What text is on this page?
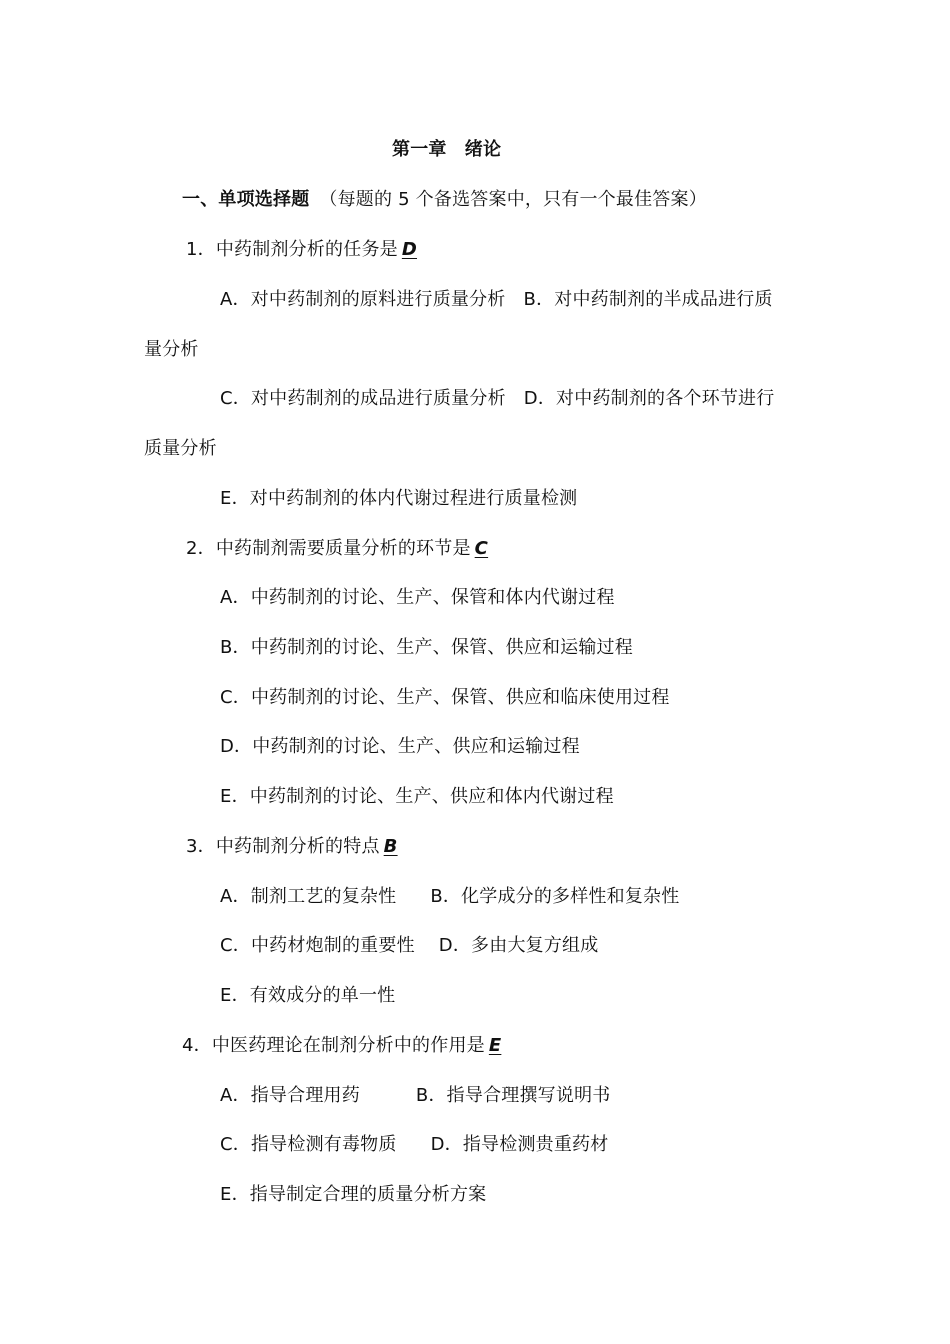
第一章　绪论
一、单项选择题 （每题的 5 个备选答案中，只有一个最佳答案）
1．中药制剂分析的任务是 D
A．对中药制剂的原料进行质量分析 B．对中药制剂的半成品进行质
量分析
C．对中药制剂的成品进行质量分析 D．对中药制剂的各个环节进行
质量分析
E．对中药制剂的体内代谢过程进行质量检测
2．中药制剂需要质量分析的环节是 C
A．中药制剂的讨论、生产、保管和体内代谢过程
B．中药制剂的讨论、生产、保管、供应和运输过程
C．中药制剂的讨论、生产、保管、供应和临床使用过程
D．中药制剂的讨论、生产、供应和运输过程
E．中药制剂的讨论、生产、供应和体内代谢过程
3．中药制剂分析的特点 B
A．制剂工艺的复杂性 B．化学成分的多样性和复杂性
C．中药材炮制的重要性 D．多由大复方组成
E．有效成分的单一性
4．中医药理论在制剂分析中的作用是 E
A．指导合理用药	B．指导合理撰写说明书
C．指导检测有毒物质 D．指导检测贵重药材
E．指导制定合理的质量分析方案
